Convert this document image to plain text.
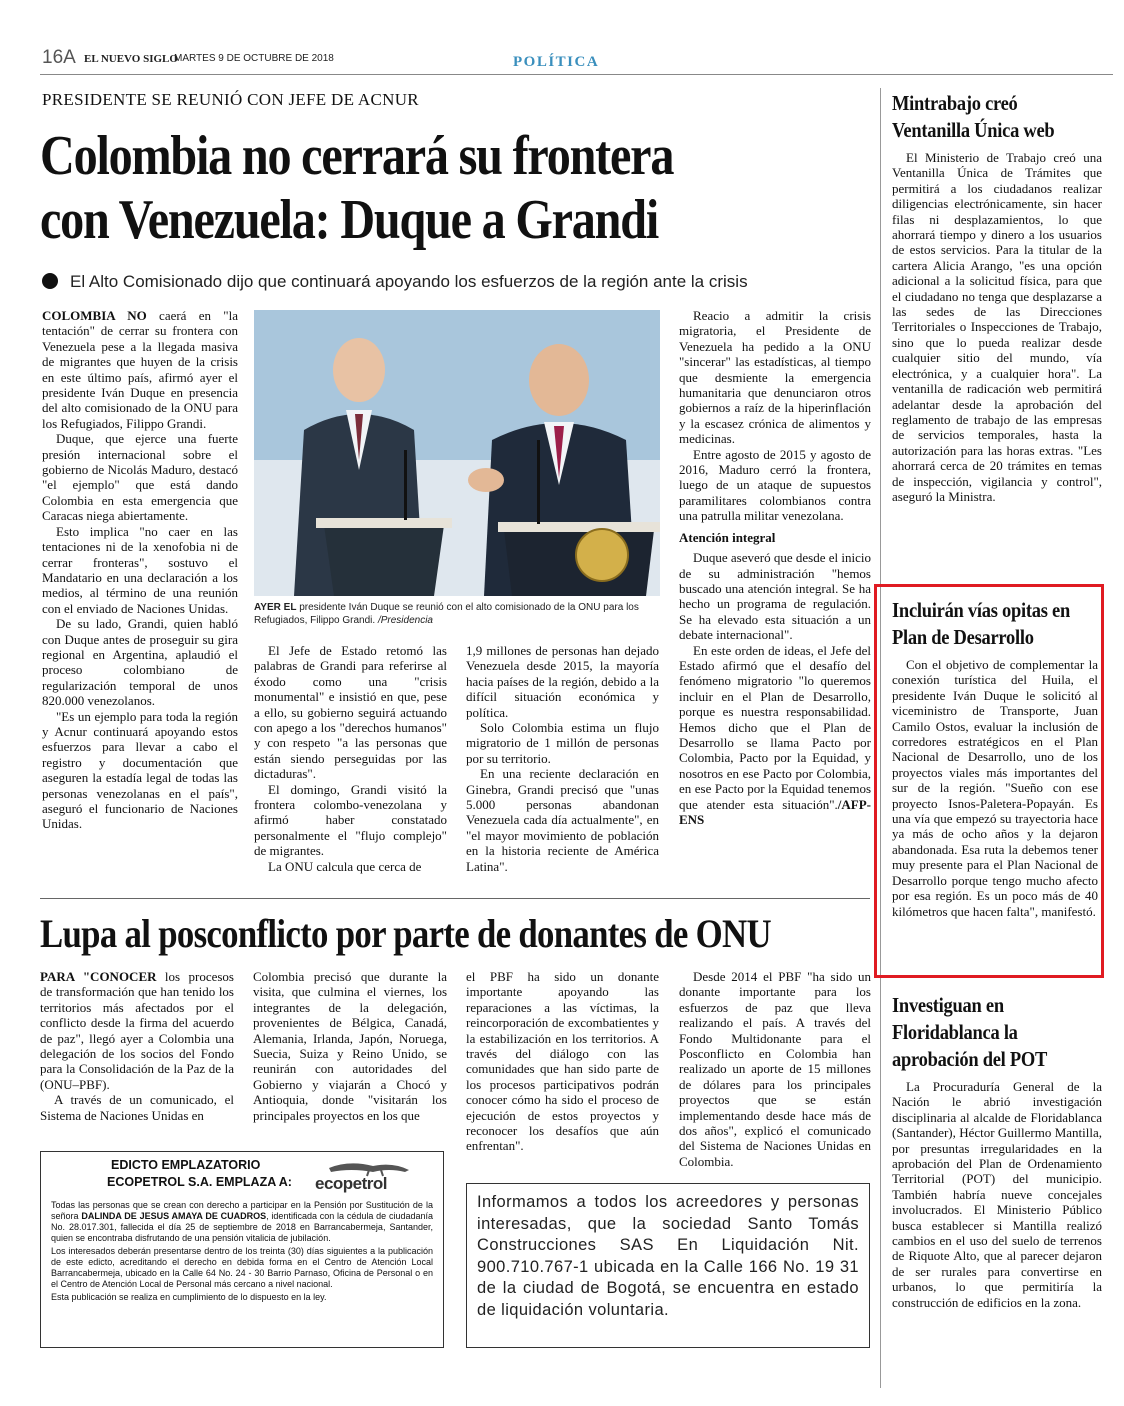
16A EL NUEVO SIGLO
MARTES 9 DE OCTUBRE DE 2018	POLÍTICA
PRESIDENTE SE REUNIÓ CON JEFE DE ACNUR
Colombia no cerrará su frontera con Venezuela: Duque a Grandi
El Alto Comisionado dijo que continuará apoyando los esfuerzos de la región ante la crisis

COLOMBIA NO caerá en "la tentación" de cerrar su frontera con Venezuela pese a la llegada masiva de migrantes que huyen de la crisis en este último país, afirmó ayer el presidente Iván Duque en presencia del alto comisionado de la ONU para los Refugiados, Filippo Grandi.

Duque, que ejerce una fuerte presión internacional sobre el gobierno de Nicolás Maduro, destacó "el ejemplo" que está dando Colombia en esta emergencia que Caracas niega abiertamente.

Esto implica "no caer en las tentaciones ni de la xenofobia ni de cerrar fronteras", sostuvo el Mandatario en una declaración a los medios, al término de una reunión con el enviado de Naciones Unidas.

De su lado, Grandi, quien habló con Duque antes de proseguir su gira regional en Argentina, aplaudió el proceso colombiano de regularización temporal de unos 820.000 venezolanos.

"Es un ejemplo para toda la región y Acnur continuará apoyando estos esfuerzos para llevar a cabo el registro y documentación que aseguren la estadía legal de todas las personas venezolanas en el país", aseguró el funcionario de Naciones Unidas.

AYER EL presidente Iván Duque se reunió con el alto comisionado de la ONU para los Refugiados, Filippo Grandi. /Presidencia

El Jefe de Estado retomó las palabras de Grandi para referirse al éxodo como una "crisis monumental" e insistió en que, pese a ello, su gobierno seguirá actuando con apego a los "derechos humanos" y con respeto "a las personas que están siendo perseguidas por las dictaduras".

El domingo, Grandi visitó la frontera colombo-venezolana y afirmó haber constatado personalmente el "flujo complejo" de migrantes.

La ONU calcula que cerca de

1,9 millones de personas han dejado Venezuela desde 2015, la mayoría hacia países de la región, debido a la difícil situación económica y política.

Solo Colombia estima un flujo migratorio de 1 millón de personas por su territorio.

En una reciente declaración en Ginebra, Grandi precisó que "unas 5.000 personas abandonan Venezuela cada día actualmente", en "el mayor movimiento de población en la historia reciente de América Latina".

Reacio a admitir la crisis migratoria, el Presidente de Venezuela ha pedido a la ONU "sincerar" las estadísticas, al tiempo que desmiente la emergencia humanitaria que denunciaron otros gobiernos a raíz de la hiperinflación y la escasez crónica de alimentos y medicinas.

Entre agosto de 2015 y agosto de 2016, Maduro cerró la frontera, luego de un ataque de supuestos paramilitares colombianos contra una patrulla militar venezolana.

Atención integral

Duque aseveró que desde el inicio de su administración "hemos buscado una atención integral. Se ha hecho un programa de regulación. Se ha elevado esta situación a un debate internacional".

En este orden de ideas, el Jefe del Estado afirmó que el desafío del fenómeno migratorio "lo queremos incluir en el Plan de Desarrollo, porque es nuestra responsabilidad. Hemos dicho que el Plan de Desarrollo se llama Pacto por Colombia, Pacto por la Equidad, y nosotros en ese Pacto por Colombia, en ese Pacto por la Equidad tenemos que atender esta situación"./AFP-ENS

Lupa al posconflicto por parte de donantes de ONU

PARA "CONOCER los procesos de transformación que han tenido los territorios más afectados por el conflicto desde la firma del acuerdo de paz", llegó ayer a Colombia una delegación de los socios del Fondo para la Consolidación de la Paz de la (ONU–PBF).

A través de un comunicado, el Sistema de Naciones Unidas en

Colombia precisó que durante la visita, que culmina el viernes, los integrantes de la delegación, provenientes de Bélgica, Canadá, Alemania, Irlanda, Japón, Noruega, Suecia, Suiza y Reino Unido, se reunirán con autoridades del Gobierno y viajarán a Chocó y Antioquia, donde "visitarán los principales proyectos en los que

el PBF ha sido un donante importante apoyando las reparaciones a las víctimas, la reincorporación de excombatientes y la estabilización en los territorios. A través del diálogo con las comunidades que han sido parte de los procesos participativos podrán conocer cómo ha sido el proceso de ejecución de estos proyectos y reconocer los desafíos que aún enfrentan".

Desde 2014 el PBF "ha sido un donante importante para los esfuerzos de paz que lleva realizando el país. A través del Fondo Multidonante para el Posconflicto en Colombia han realizado un aporte de 15 millones de dólares para los principales proyectos que se están implementando desde hace más de dos años", explicó el comunicado del Sistema de Naciones Unidas en Colombia.

EDICTO EMPLAZATORIO
ECOPETROL S.A. EMPLAZA A: ecopetrol
Todas las personas que se crean con derecho a participar en la Pensión por Sustitución de la señora DALINDA DE JESUS AMAYA DE CUADROS, identificada con la cédula de ciudadanía No. 28.017.301, fallecida el día 25 de septiembre de 2018 en Barrancabermeja, Santander, quien se encontraba disfrutando de una pensión vitalicia de jubilación.
Los interesados deberán presentarse dentro de los treinta (30) días siguientes a la publicación de este edicto, acreditando el derecho en debida forma en el Centro de Atención Local Barrancabermeja, ubicado en la Calle 64 No. 24 - 30 Barrio Parnaso, Oficina de Personal o en el Centro de Atención Local de Personal más cercano a nivel nacional.
Esta publicación se realiza en cumplimiento de lo dispuesto en la ley.
Informamos a todos los acreedores y personas interesadas, que la sociedad Santo Tomás Construcciones SAS En Liquidación Nit. 900.710.767-1 ubicada en la Calle 166 No. 19 31 de la ciudad de Bogotá, se encuentra en estado de liquidación voluntaria.
Mintrabajo creó Ventanilla Única web

El Ministerio de Trabajo creó una Ventanilla Única de Trámites que permitirá a los ciudadanos realizar diligencias electrónicamente, sin hacer filas ni desplazamientos, lo que ahorrará tiempo y dinero a los usuarios de estos servicios. Para la titular de la cartera Alicia Arango, "es una opción adicional a la solicitud física, para que el ciudadano no tenga que desplazarse a las sedes de las Direcciones Territoriales o Inspecciones de Trabajo, sino que lo pueda realizar desde cualquier sitio del mundo, vía electrónica, y a cualquier hora". La ventanilla de radicación web permitirá adelantar desde la aprobación del reglamento de trabajo de las empresas de servicios temporales, hasta la autorización para las horas extras. "Les ahorrará cerca de 20 trámites en temas de inspección, vigilancia y control", aseguró la Ministra.

Incluirán vías opitas en Plan de Desarrollo

Con el objetivo de complementar la conexión turística del Huila, el presidente Iván Duque le solicitó al viceministro de Transporte, Juan Camilo Ostos, evaluar la inclusión de corredores estratégicos en el Plan Nacional de Desarrollo, uno de los proyectos viales más importantes del sur de la región. "Sueño con ese proyecto Isnos-Paletera-Popayán. Es una vía que empezó su trayectoria hace ya más de ocho años y la dejaron abandonada. Esa ruta la debemos tener muy presente para el Plan Nacional de Desarrollo porque tengo mucho afecto por esa región. Es un poco más de 40 kilómetros que hacen falta", manifestó.

Investiguan en Floridablanca la aprobación del POT

La Procuraduría General de la Nación le abrió investigación disciplinaria al alcalde de Floridablanca (Santander), Héctor Guillermo Mantilla, por presuntas irregularidades en la aprobación del Plan de Ordenamiento Territorial (POT) del municipio. También habría nueve concejales involucrados. El Ministerio Público busca establecer si Mantilla realizó cambios en el uso del suelo de terrenos de Riquote Alto, que al parecer dejaron de ser rurales para convertirse en urbanos, lo que permitiría la construcción de edificios en la zona.
